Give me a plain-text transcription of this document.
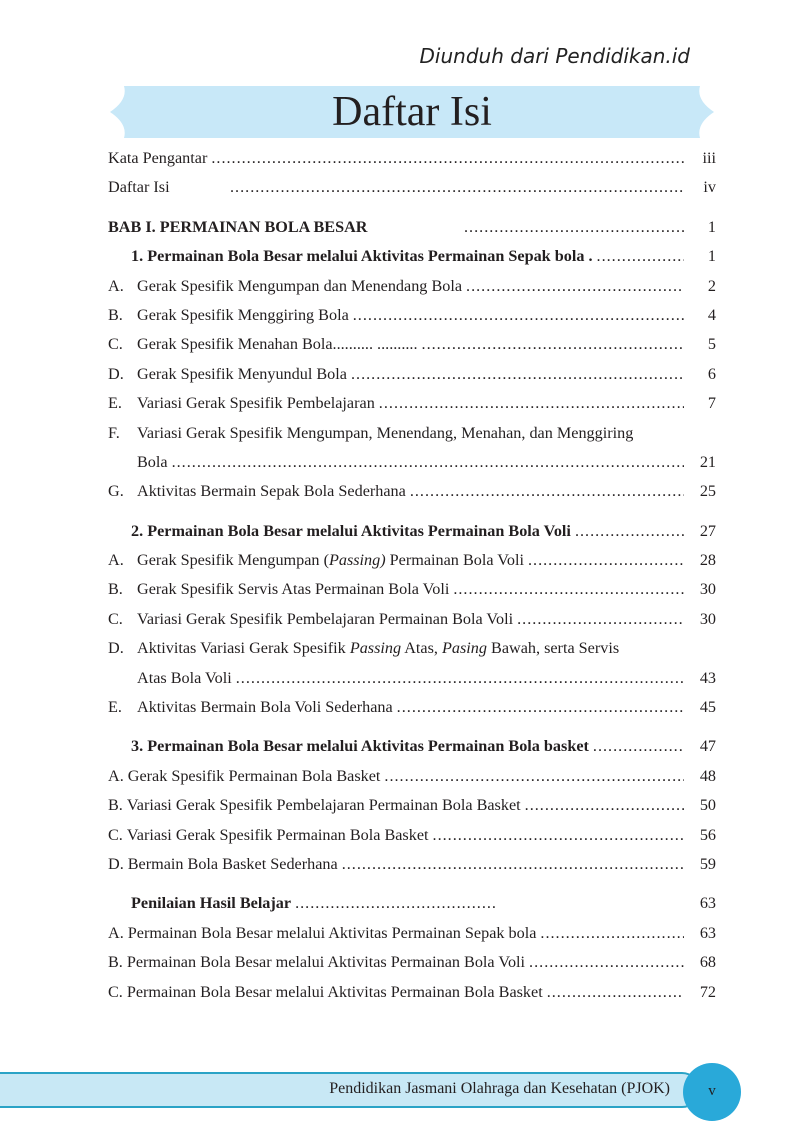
Diunduh dari Pendidikan.id
Daftar Isi
Kata Pengantar .....	iii
Daftar Isi .....	iv
BAB I. PERMAINAN BOLA BESAR .....	1
1. Permainan Bola Besar melalui Aktivitas Permainan Sepak bola . .....	1
A. Gerak Spesifik Mengumpan dan Menendang Bola .....	2
B. Gerak Spesifik Menggiring Bola .....	4
C. Gerak Spesifik Menahan Bola.......... .......... .....	5
D. Gerak Spesifik Menyundul Bola .....	6
E. Variasi Gerak Spesifik Pembelajaran .....	7
F.	Variasi Gerak Spesifik Mengumpan, Menendang, Menahan, dan Menggiring
Bola .....	21
G. Aktivitas Bermain Sepak Bola Sederhana .....	25
2. Permainan Bola Besar melalui Aktivitas Permainan Bola Voli .....	27
A. Gerak Spesifik Mengumpan (Passing) Permainan Bola Voli .....	28
B. Gerak Spesifik Servis Atas Permainan Bola Voli .....	30
C. Variasi Gerak Spesifik Pembelajaran Permainan Bola Voli .....	30
D. Aktivitas Variasi Gerak Spesifik Passing Atas, Pasing Bawah, serta Servis
Atas Bola Voli .....	43
E. Aktivitas Bermain Bola Voli Sederhana .....	45
3. Permainan Bola Besar melalui Aktivitas Permainan Bola basket .....	47
A. Gerak Spesifik Permainan Bola Basket .....	48
B. Variasi Gerak Spesifik Pembelajaran Permainan Bola Basket .....	50
C. Variasi Gerak Spesifik Permainan Bola Basket .....	56
D. Bermain Bola Basket Sederhana .....	59
Penilaian Hasil Belajar .....	63
A. Permainan Bola Besar melalui Aktivitas Permainan Sepak bola .....	63
B. Permainan Bola Besar melalui Aktivitas Permainan Bola Voli .....	68
C. Permainan Bola Besar melalui Aktivitas Permainan Bola Basket .....	72
Pendidikan Jasmani Olahraga dan Kesehatan (PJOK)	v
